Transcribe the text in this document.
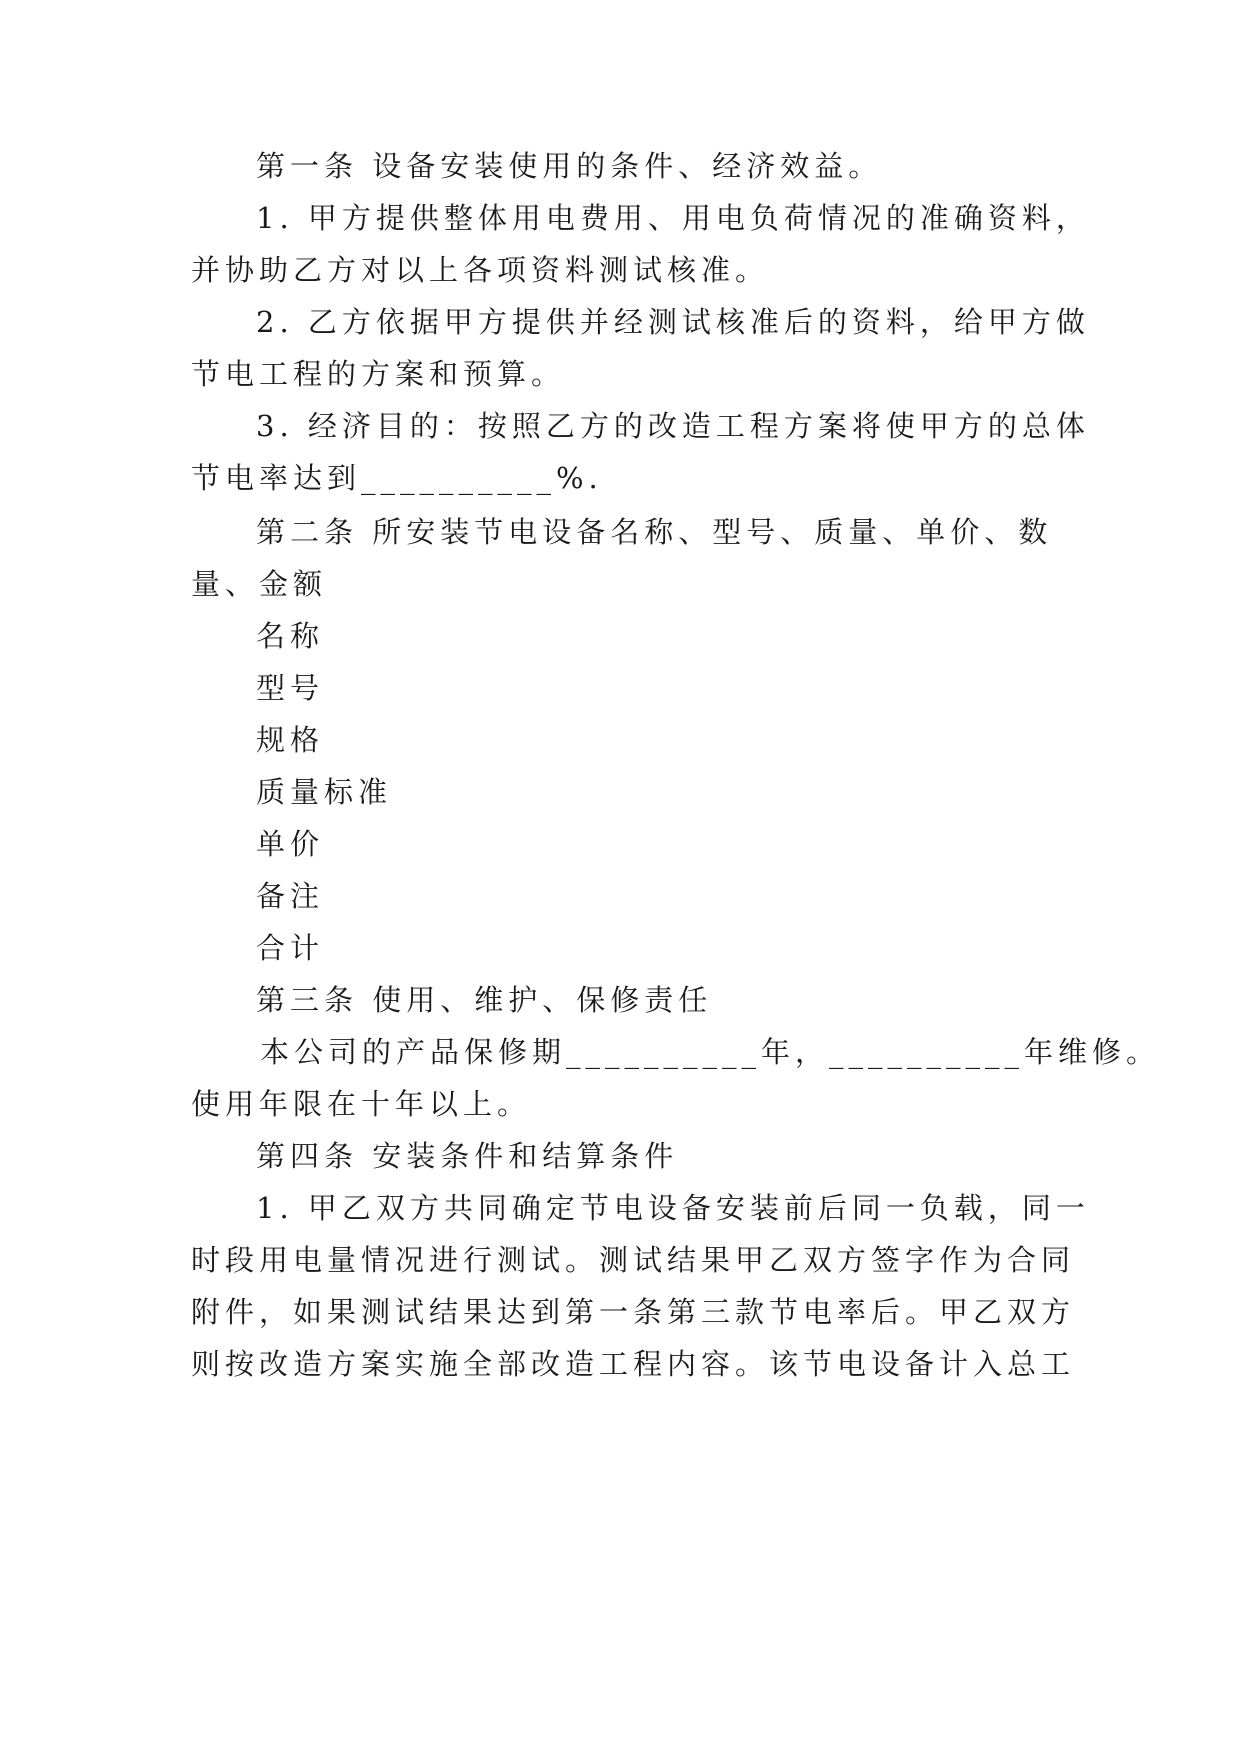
第一条 设备安装使用的条件、经济效益。
1. 甲方提供整体用电费用、用电负荷情况的准确资料，
并协助乙方对以上各项资料测试核准。
2. 乙方依据甲方提供并经测试核准后的资料，给甲方做
节电工程的方案和预算。
3. 经济目的：按照乙方的改造工程方案将使甲方的总体
节电率达到__________%.
第二条 所安装节电设备名称、型号、质量、单价、数
量、金额
名称
型号
规格
质量标准
单价
备注
合计
第三条 使用、维护、保修责任
本公司的产品保修期__________年，__________年维修。
使用年限在十年以上。
第四条 安装条件和结算条件
1. 甲乙双方共同确定节电设备安装前后同一负载，同一
时段用电量情况进行测试。测试结果甲乙双方签字作为合同
附件，如果测试结果达到第一条第三款节电率后。甲乙双方
则按改造方案实施全部改造工程内容。该节电设备计入总工
